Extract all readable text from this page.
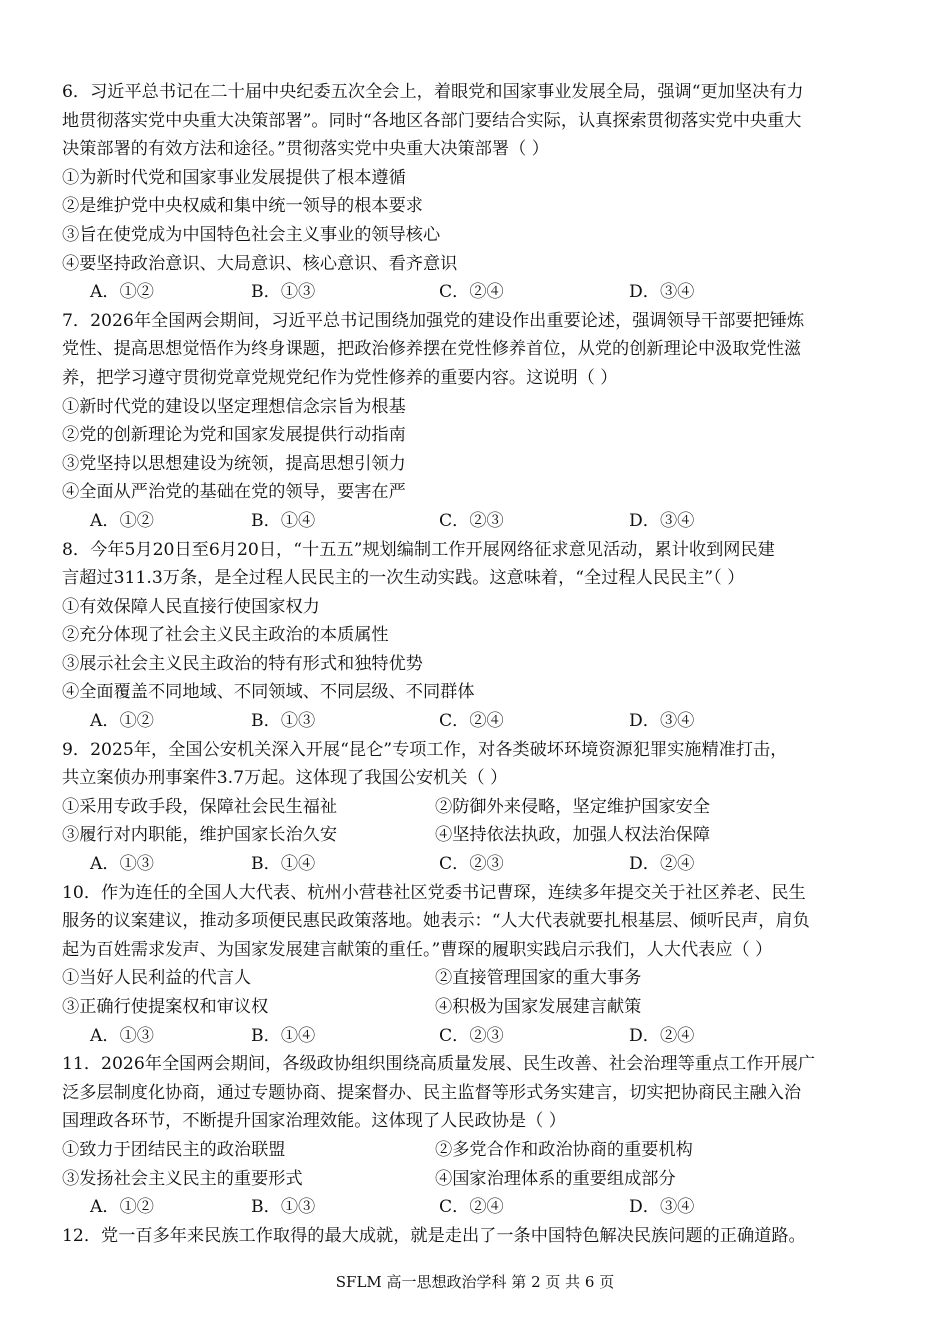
6．习近平总书记在二十届中央纪委五次全会上，着眼党和国家事业发展全局，强调“更加坚决有力
地贯彻落实党中央重大决策部署”。同时“各地区各部门要结合实际，认真探索贯彻落实党中央重大
决策部署的有效方法和途径。”贯彻落实党中央重大决策部署（ ）
①为新时代党和国家事业发展提供了根本遵循
②是维护党中央权威和集中统一领导的根本要求
③旨在使党成为中国特色社会主义事业的领导核心
④要坚持政治意识、大局意识、核心意识、看齐意识
A．①②	B．①③	C．②④	D．③④
7．2026年全国两会期间，习近平总书记围绕加强党的建设作出重要论述，强调领导干部要把锤炼
党性、提高思想觉悟作为终身课题，把政治修养摆在党性修养首位，从党的创新理论中汲取党性滋
养，把学习遵守贯彻党章党规党纪作为党性修养的重要内容。这说明（ ）
①新时代党的建设以坚定理想信念宗旨为根基
②党的创新理论为党和国家发展提供行动指南
③党坚持以思想建设为统领，提高思想引领力
④全面从严治党的基础在党的领导，要害在严
A．①②	B．①④	C．②③	D．③④
8．今年5月20日至6月20日，“十五五”规划编制工作开展网络征求意见活动，累计收到网民建
言超过311.3万条，是全过程人民民主的一次生动实践。这意味着，“全过程人民民主”（ ）
①有效保障人民直接行使国家权力
②充分体现了社会主义民主政治的本质属性
③展示社会主义民主政治的特有形式和独特优势
④全面覆盖不同地域、不同领域、不同层级、不同群体
A．①②	B．①③	C．②④	D．③④
9．2025年，全国公安机关深入开展“昆仑”专项工作，对各类破坏环境资源犯罪实施精准打击，
共立案侦办刑事案件3.7万起。这体现了我国公安机关（ ）
①采用专政手段，保障社会民生福祉	②防御外来侵略，坚定维护国家安全
③履行对内职能，维护国家长治久安	④坚持依法执政，加强人权法治保障
A．①③	B．①④	C．②③	D．②④
10．作为连任的全国人大代表、杭州小营巷社区党委书记曹琛，连续多年提交关于社区养老、民生
服务的议案建议，推动多项便民惠民政策落地。她表示：“人大代表就要扎根基层、倾听民声，肩负
起为百姓需求发声、为国家发展建言献策的重任。”曹琛的履职实践启示我们，人大代表应（ ）
①当好人民利益的代言人	②直接管理国家的重大事务
③正确行使提案权和审议权	④积极为国家发展建言献策
A．①③	B．①④	C．②③	D．②④
11．2026年全国两会期间，各级政协组织围绕高质量发展、民生改善、社会治理等重点工作开展广
泛多层制度化协商，通过专题协商、提案督办、民主监督等形式务实建言，切实把协商民主融入治
国理政各环节，不断提升国家治理效能。这体现了人民政协是（ ）
①致力于团结民主的政治联盟	②多党合作和政治协商的重要机构
③发扬社会主义民主的重要形式	④国家治理体系的重要组成部分
A．①②	B．①③	C．②④	D．③④
12．党一百多年来民族工作取得的最大成就，就是走出了一条中国特色解决民族问题的正确道路。
SFLM 高一思想政治学科 第 2 页 共 6 页
